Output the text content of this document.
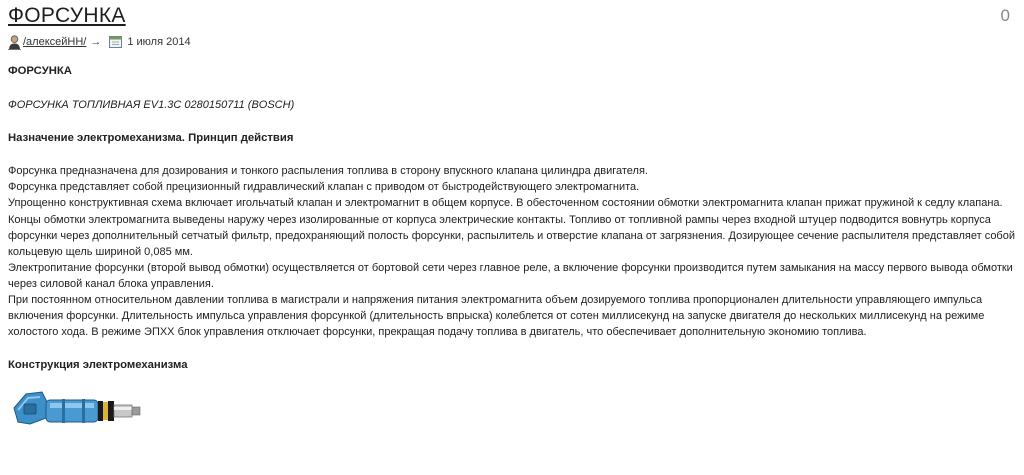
ФОРСУНКА	0
/алексейНН/ → 1 июля 2014

ФОРСУНКА

ФОРСУНКА ТОПЛИВНАЯ EV1.3C 0280150711 (BOSCH)

Назначение электромеханизма. Принцип действия

Форсунка предназначена для дозирования и тонкого распыления топлива в сторону впускного клапана цилиндра двигателя.

Форсунка представляет собой прецизионный гидравлический клапан с приводом от быстродействующего электромагнита.

Упрощенно конструктивная схема включает игольчатый клапан и электромагнит в общем корпусе. В обесточенном состоянии обмотки электромагнита клапан прижат пружиной к седлу клапана. Концы обмотки электромагнита выведены наружу через изолированные от корпуса электрические контакты. Топливо от топливной рампы через входной штуцер подводится вовнутрь корпуса форсунки через дополнительный сетчатый фильтр, предохраняющий полость форсунки, распылитель и отверстие клапана от загрязнения. Дозирующее сечение распылителя представляет собой кольцевую щель шириной 0,085 мм.

Электропитание форсунки (второй вывод обмотки) осуществляется от бортовой сети через главное реле, а включение форсунки производится путем замыкания на массу первого вывода обмотки через силовой канал блока управления.

При постоянном относительном давлении топлива в магистрали и напряжения питания электромагнита объем дозируемого топлива пропорционален длительности управляющего импульса включения форсунки. Длительность импульса управления форсункой (длительность впрыска) колеблется от сотен миллисекунд на запуске двигателя до нескольких миллисекунд на режиме холостого хода. В режиме ЭПХХ блок управления отключает форсунки, прекращая подачу топлива в двигатель, что обеспечивает дополнительную экономию топлива.

Конструкция электромеханизма
